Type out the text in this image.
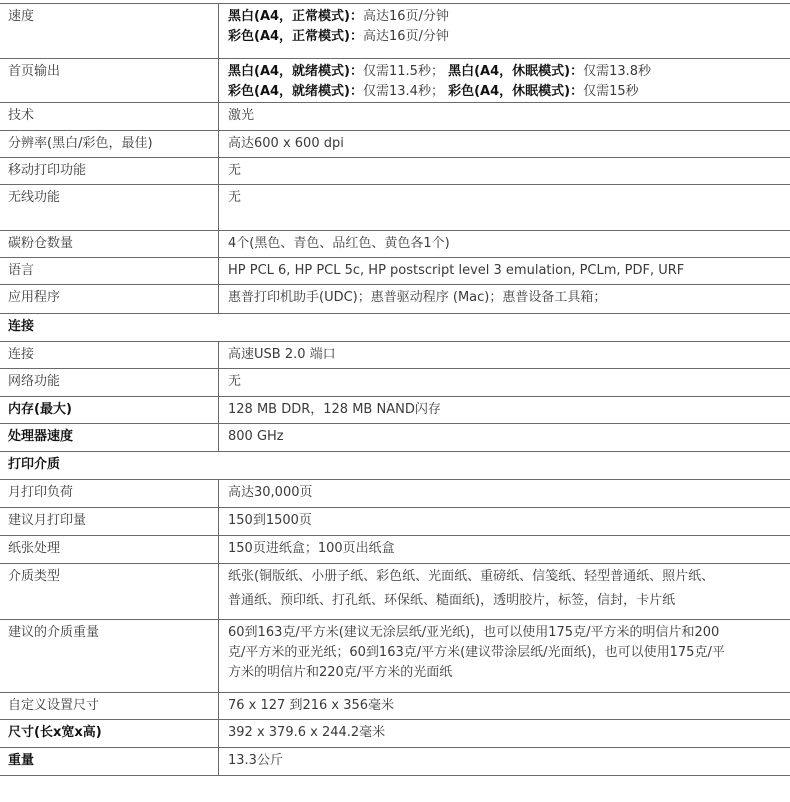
速度	黑白(A4，正常模式)：高达16页/分钟
彩色(A4，正常模式)：高达16页/分钟
首页输出	黑白(A4，就绪模式)：仅需11.5秒； 黑白(A4，休眠模式)：仅需13.8秒
彩色(A4，就绪模式)：仅需13.4秒； 彩色(A4，休眠模式)：仅需15秒
技术	激光
分辨率(黑白/彩色，最佳)	高达600 x 600 dpi
移动打印功能	无
无线功能	无
碳粉仓数量	4个(黑色、青色、品红色、黄色各1个)
语言	HP PCL 6, HP PCL 5c, HP postscript level 3 emulation, PCLm, PDF, URF
应用程序	惠普打印机助手(UDC)；惠普驱动程序 (Mac)；惠普设备工具箱；
连接
连接	高速USB 2.0 端口
网络功能	无
内存(最大)	128 MB DDR，128 MB NAND闪存
处理器速度	800 GHz
打印介质
月打印负荷	高达30,000页
建议月打印量	150到1500页
纸张处理	150页进纸盒；100页出纸盒
介质类型	纸张(铜版纸、小册子纸、彩色纸、光面纸、重磅纸、信笺纸、轻型普通纸、照片纸、
普通纸、预印纸、打孔纸、环保纸、糙面纸)，透明胶片，标签，信封，卡片纸
建议的介质重量	60到163克/平方米(建议无涂层纸/亚光纸)，也可以使用175克/平方米的明信片和200
克/平方米的亚光纸；60到163克/平方米(建议带涂层纸/光面纸)，也可以使用175克/平
方米的明信片和220克/平方米的光面纸
自定义设置尺寸	76 x 127 到216 x 356毫米
尺寸(长x宽x高)	392 x 379.6 x 244.2毫米
重量	13.3公斤
